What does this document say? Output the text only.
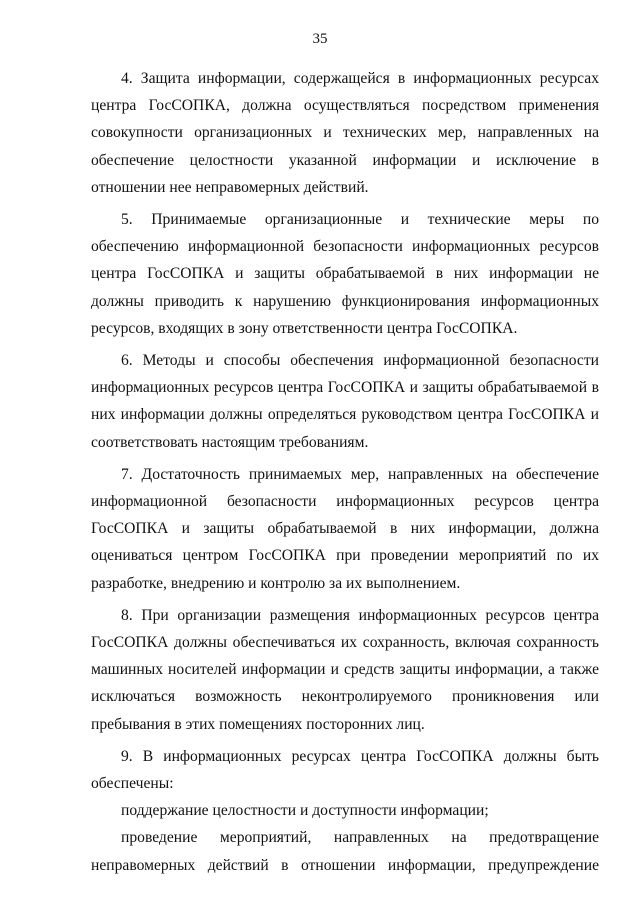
35

4. Защита информации, содержащейся в информационных ресурсах центра ГосСОПКА, должна осуществляться посредством применения совокупности организационных и технических мер, направленных на обеспечение целостности указанной информации и исключение в отношении нее неправомерных действий.

5. Принимаемые организационные и технические меры по обеспечению информационной безопасности информационных ресурсов центра ГосСОПКА и защиты обрабатываемой в них информации не должны приводить к нарушению функционирования информационных ресурсов, входящих в зону ответственности центра ГосСОПКА.

6. Методы и способы обеспечения информационной безопасности информационных ресурсов центра ГосСОПКА и защиты обрабатываемой в них информации должны определяться руководством центра ГосСОПКА и соответствовать настоящим требованиям.

7. Достаточность принимаемых мер, направленных на обеспечение информационной безопасности информационных ресурсов центра ГосСОПКА и защиты обрабатываемой в них информации, должна оцениваться центром ГосСОПКА при проведении мероприятий по их разработке, внедрению и контролю за их выполнением.

8. При организации размещения информационных ресурсов центра ГосСОПКА должны обеспечиваться их сохранность, включая сохранность машинных носителей информации и средств защиты информации, а также исключаться возможность неконтролируемого проникновения или пребывания в этих помещениях посторонних лиц.

9. В информационных ресурсах центра ГосСОПКА должны быть обеспечены:

поддержание целостности и доступности информации;

проведение мероприятий, направленных на предотвращение неправомерных действий в отношении информации, предупреждение
